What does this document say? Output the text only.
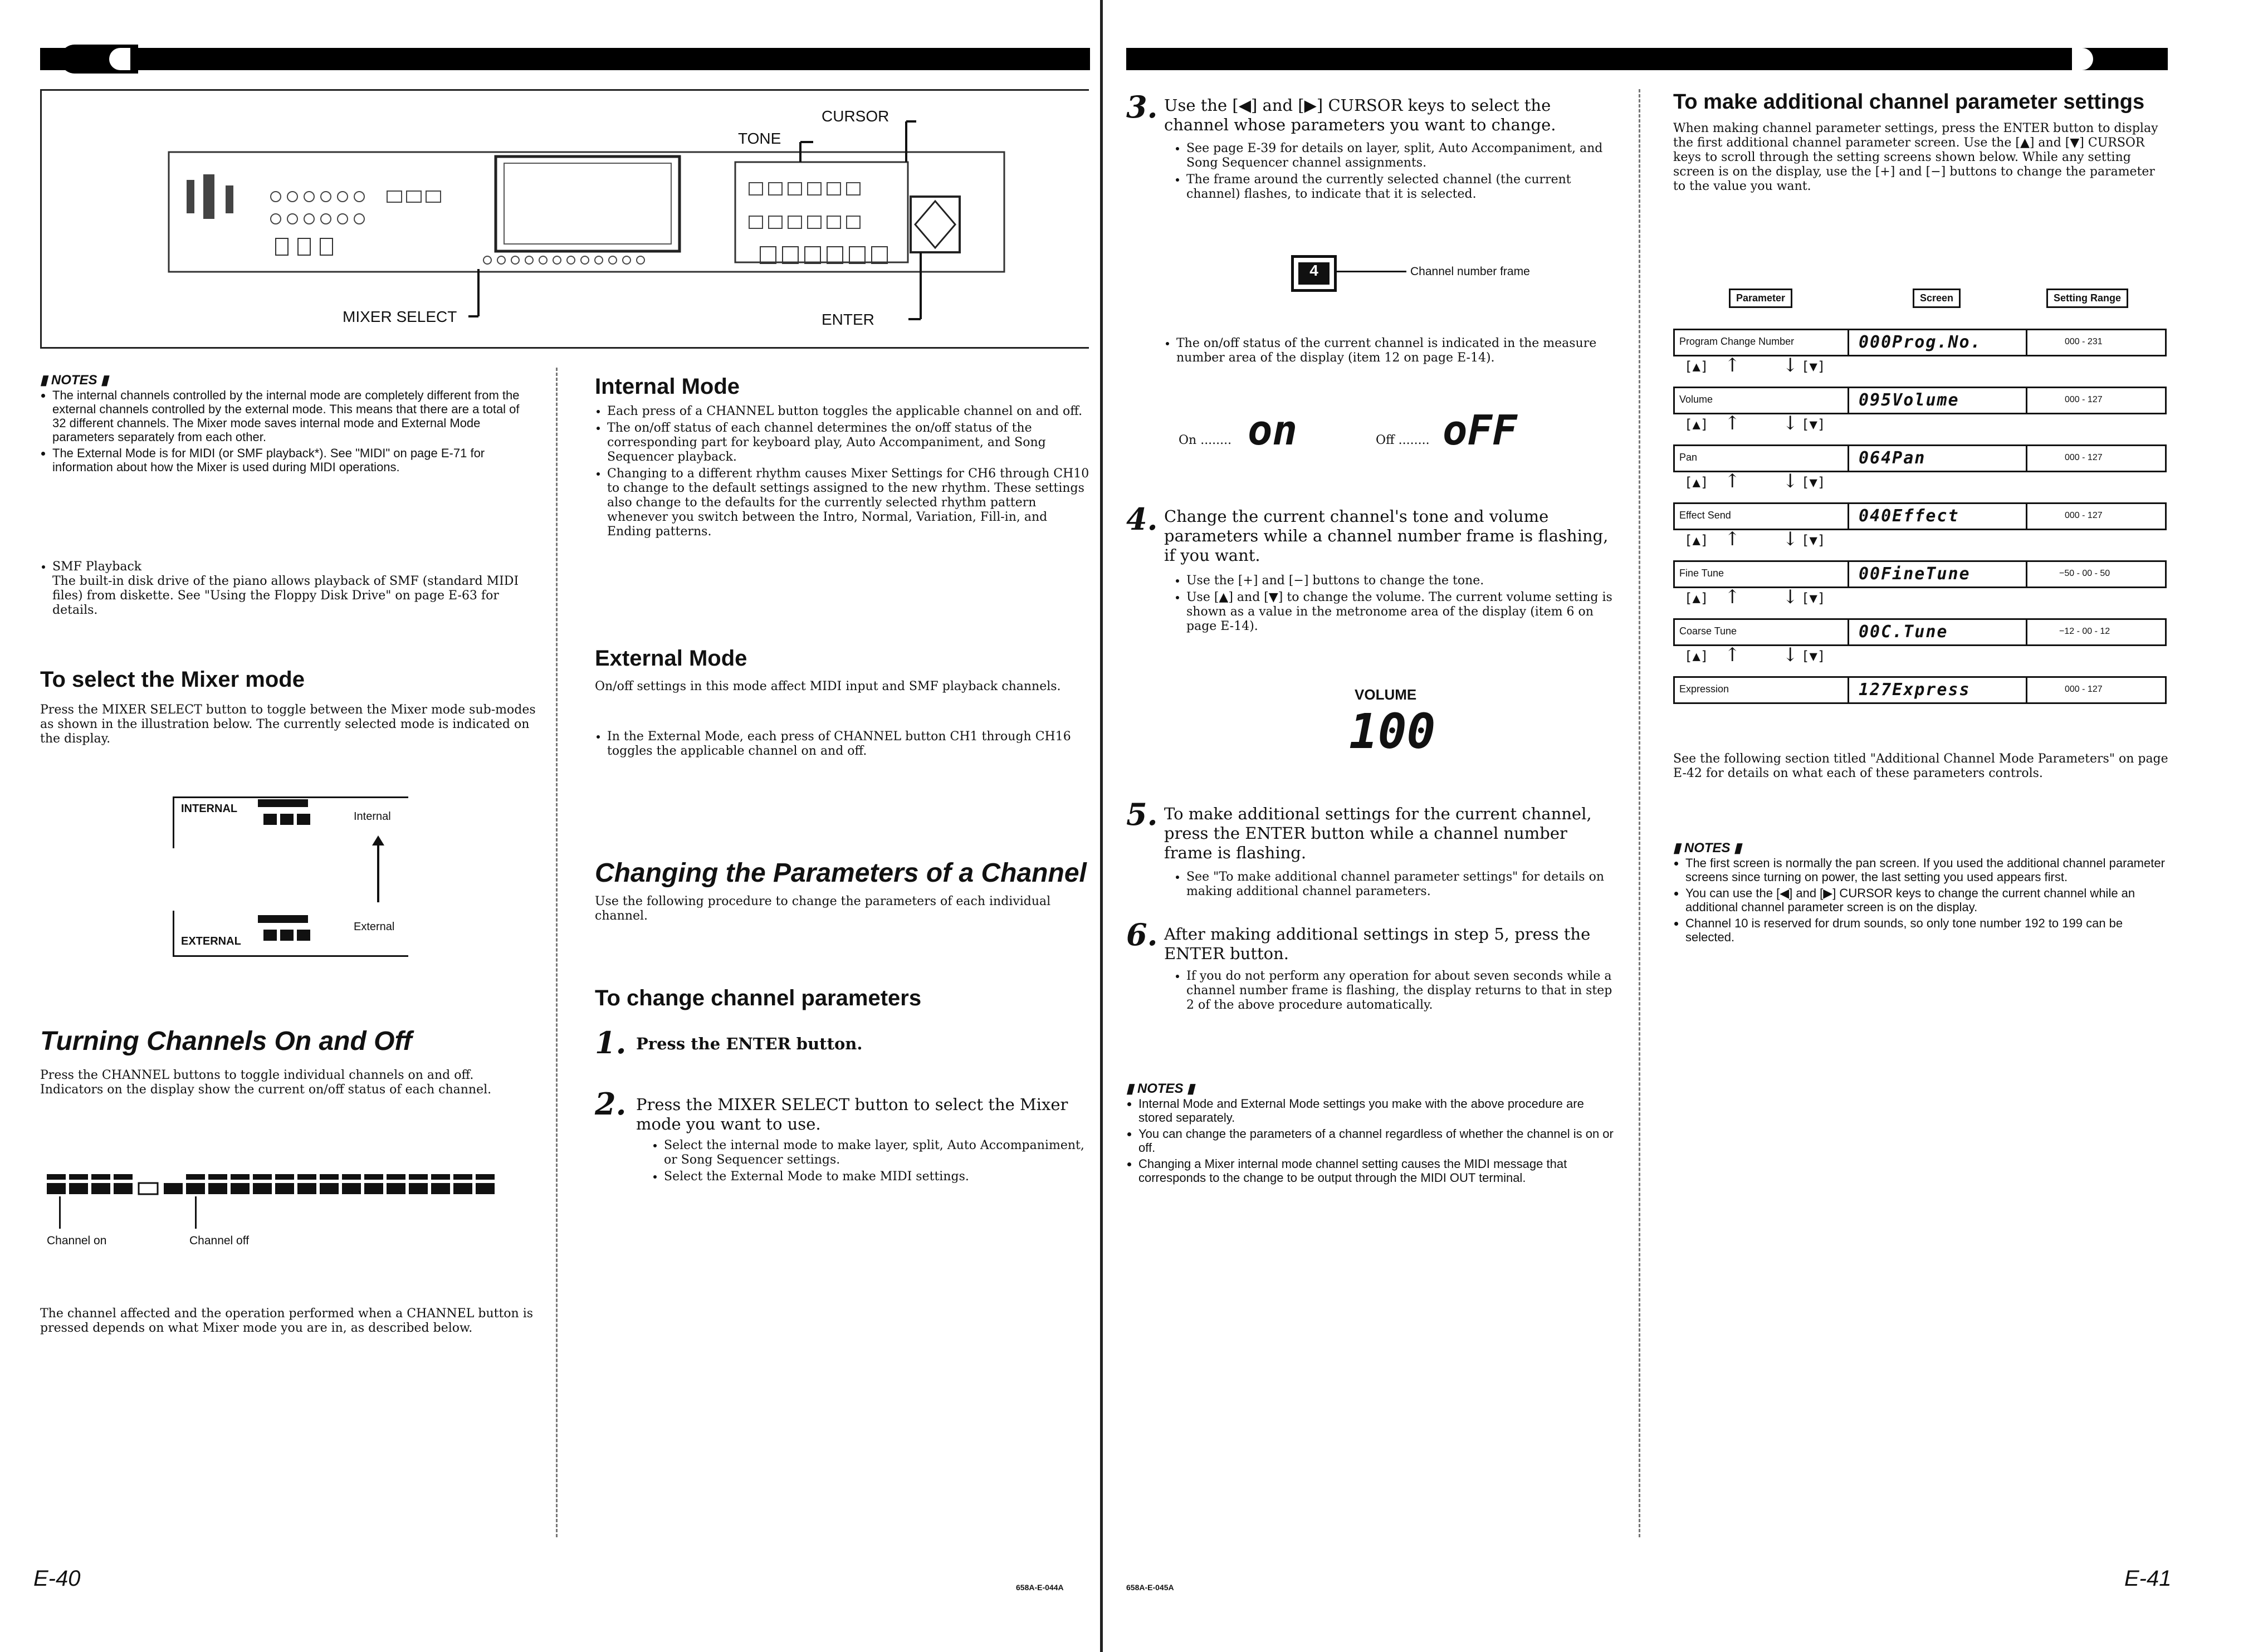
CURSOR
TONE
MIXER SELECT	ENTER
▮ NOTES ▮
• The internal channels controlled by the internal mode are completely different from the external channels controlled by the external mode. This means that there are a total of 32 different channels. The Mixer mode saves internal mode and External Mode parameters separately from each other.
• The External Mode is for MIDI (or SMF playback*). See "MIDI" on page E-71 for information about how the Mixer is used during MIDI operations.
• SMF Playback
The built-in disk drive of the piano allows playback of SMF (standard MIDI files) from diskette. See "Using the Floppy Disk Drive" on page E-63 for details.
To select the Mixer mode
Press the MIXER SELECT button to toggle between the Mixer mode sub-modes as shown in the illustration below. The currently selected mode is indicated on the display.
INTERNAL
Internal
EXTERNAL
External
Turning Channels On and Off
Press the CHANNEL buttons to toggle individual channels on and off. Indicators on the display show the current on/off status of each channel.
Channel on	Channel off
The channel affected and the operation performed when a CHANNEL button is pressed depends on what Mixer mode you are in, as described below.
E-40	658A-E-044A
Internal Mode
• Each press of a CHANNEL button toggles the applicable channel on and off.
• The on/off status of each channel determines the on/off status of the corresponding part for keyboard play, Auto Accompaniment, and Song Sequencer playback.
• Changing to a different rhythm causes Mixer Settings for CH6 through CH10 to change to the default settings assigned to the new rhythm. These settings also change to the defaults for the currently selected rhythm pattern whenever you switch between the Intro, Normal, Variation, Fill-in, and Ending patterns.
External Mode
On/off settings in this mode affect MIDI input and SMF playback channels.
• In the External Mode, each press of CHANNEL button CH1 through CH16 toggles the applicable channel on and off.
Changing the Parameters of a Channel
Use the following procedure to change the parameters of each individual channel.
To change channel parameters
1. Press the ENTER button.
2. Press the MIXER SELECT button to select the Mixer mode you want to use.
• Select the internal mode to make layer, split, Auto Accompaniment, or Song Sequencer settings.
• Select the External Mode to make MIDI settings.
3. Use the [◀] and [▶] CURSOR keys to select the channel whose parameters you want to change.
• See page E-39 for details on layer, split, Auto Accompaniment, and Song Sequencer channel assignments.
• The frame around the currently selected channel (the current channel) flashes, to indicate that it is selected.
4	Channel number frame
• The on/off status of the current channel is indicated in the measure number area of the display (item 12 on page E-14).
On ........ on	Off ........ oFF
4. Change the current channel's tone and volume parameters while a channel number frame is flashing, if you want.
• Use the [+] and [−] buttons to change the tone.
• Use [▲] and [▼] to change the volume. The current volume setting is shown as a value in the metronome area of the display (item 6 on page E-14).
VOLUME
100
5. To make additional settings for the current channel, press the ENTER button while a channel number frame is flashing.
• See "To make additional channel parameter settings" for details on making additional channel parameters.
6. After making additional settings in step 5, press the ENTER button.
• If you do not perform any operation for about seven seconds while a channel number frame is flashing, the display returns to that in step 2 of the above procedure automatically.
▮ NOTES ▮
• Internal Mode and External Mode settings you make with the above procedure are stored separately.
• You can change the parameters of a channel regardless of whether the channel is on or off.
• Changing a Mixer internal mode channel setting causes the MIDI message that corresponds to the change to be output through the MIDI OUT terminal.
658A-E-045A
To make additional channel parameter settings
When making channel parameter settings, press the ENTER button to display the first additional channel parameter screen. Use the [▲] and [▼] CURSOR keys to scroll through the setting screens shown below. While any setting screen is on the display, use the [+] and [−] buttons to change the parameter to the value you want.
Parameter	Screen	Setting Range
Program Change Number	000Prog.No.	000 - 231
[▲] ↑ ↓ [▼]
Volume	095Volume	000 - 127
[▲] ↑ ↓ [▼]
Pan	064Pan	000 - 127
[▲] ↑ ↓ [▼]
Effect Send	040Effect	000 - 127
[▲] ↑ ↓ [▼]
Fine Tune	00FineTune	−50 - 00 - 50
[▲] ↑ ↓ [▼]
Coarse Tune	00C.Tune	−12 - 00 - 12
[▲] ↑ ↓ [▼]
Expression	127Express	000 - 127
See the following section titled "Additional Channel Mode Parameters" on page E-42 for details on what each of these parameters controls.
▮ NOTES ▮
• The first screen is normally the pan screen. If you used the additional channel parameter screens since turning on power, the last setting you used appears first.
• You can use the [◀] and [▶] CURSOR keys to change the current channel while an additional channel parameter screen is on the display.
• Channel 10 is reserved for drum sounds, so only tone number 192 to 199 can be selected.
E-41
